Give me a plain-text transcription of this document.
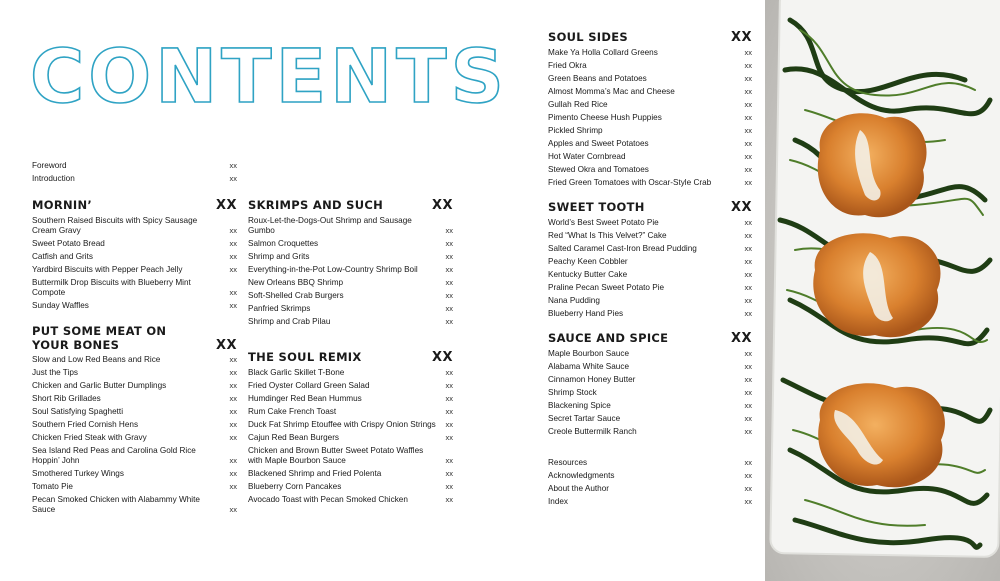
CONTENTS
Foreword	xx
Introduction	xx
MORNIN’	XX
Southern Raised Biscuits with Spicy Sausage Cream Gravy	xx
Sweet Potato Bread	xx
Catfish and Grits	xx
Yardbird Biscuits with Pepper Peach Jelly	xx
Buttermilk Drop Biscuits with Blueberry Mint Compote	xx
Sunday Waffles	xx
PUT SOME MEAT ON YOUR BONES	XX
Slow and Low Red Beans and Rice	xx
Just the Tips	xx
Chicken and Garlic Butter Dumplings	xx
Short Rib Grillades	xx
Soul Satisfying Spaghetti	xx
Southern Fried Cornish Hens	xx
Chicken Fried Steak with Gravy	xx
Sea Island Red Peas and Carolina Gold Rice Hoppin’ John	xx
Smothered Turkey Wings	xx
Tomato Pie	xx
Pecan Smoked Chicken with Alabammy White Sauce	xx
SKRIMPS AND SUCH	XX
Roux-Let-the-Dogs-Out Shrimp and Sausage Gumbo	xx
Salmon Croquettes	xx
Shrimp and Grits	xx
Everything-in-the-Pot Low-Country Shrimp Boil	xx
New Orleans BBQ Shrimp	xx
Soft-Shelled Crab Burgers	xx
Panfried Skrimps	xx
Shrimp and Crab Pilau	xx
THE SOUL REMIX	XX
Black Garlic Skillet T-Bone	xx
Fried Oyster Collard Green Salad	xx
Humdinger Red Bean Hummus	xx
Rum Cake French Toast	xx
Duck Fat Shrimp Etouffee with Crispy Onion Strings xx
Cajun Red Bean Burgers	xx
Chicken and Brown Butter Sweet Potato Waffles with Maple Bourbon Sauce	xx
Blackened Shrimp and Fried Polenta	xx
Blueberry Corn Pancakes	xx
Avocado Toast with Pecan Smoked Chicken	xx
SOUL SIDES	XX
Make Ya Holla Collard Greens	xx
Fried Okra	xx
Green Beans and Potatoes	xx
Almost Momma’s Mac and Cheese	xx
Gullah Red Rice	xx
Pimento Cheese Hush Puppies	xx
Pickled Shrimp	xx
Apples and Sweet Potatoes	xx
Hot Water Cornbread	xx
Stewed Okra and Tomatoes	xx
Fried Green Tomatoes with Oscar-Style Crab	xx
SWEET TOOTH	XX
World’s Best Sweet Potato Pie	xx
Red “What Is This Velvet?” Cake	xx
Salted Caramel Cast-Iron Bread Pudding	xx
Peachy Keen Cobbler	xx
Kentucky Butter Cake	xx
Praline Pecan Sweet Potato Pie	xx
Nana Pudding	xx
Blueberry Hand Pies	xx
SAUCE AND SPICE	XX
Maple Bourbon Sauce	xx
Alabama White Sauce	xx
Cinnamon Honey Butter	xx
Shrimp Stock	xx
Blackening Spice	xx
Secret Tartar Sauce	xx
Creole Buttermilk Ranch	xx
Resources	xx
Acknowledgments	xx
About the Author	xx
Index	xx
